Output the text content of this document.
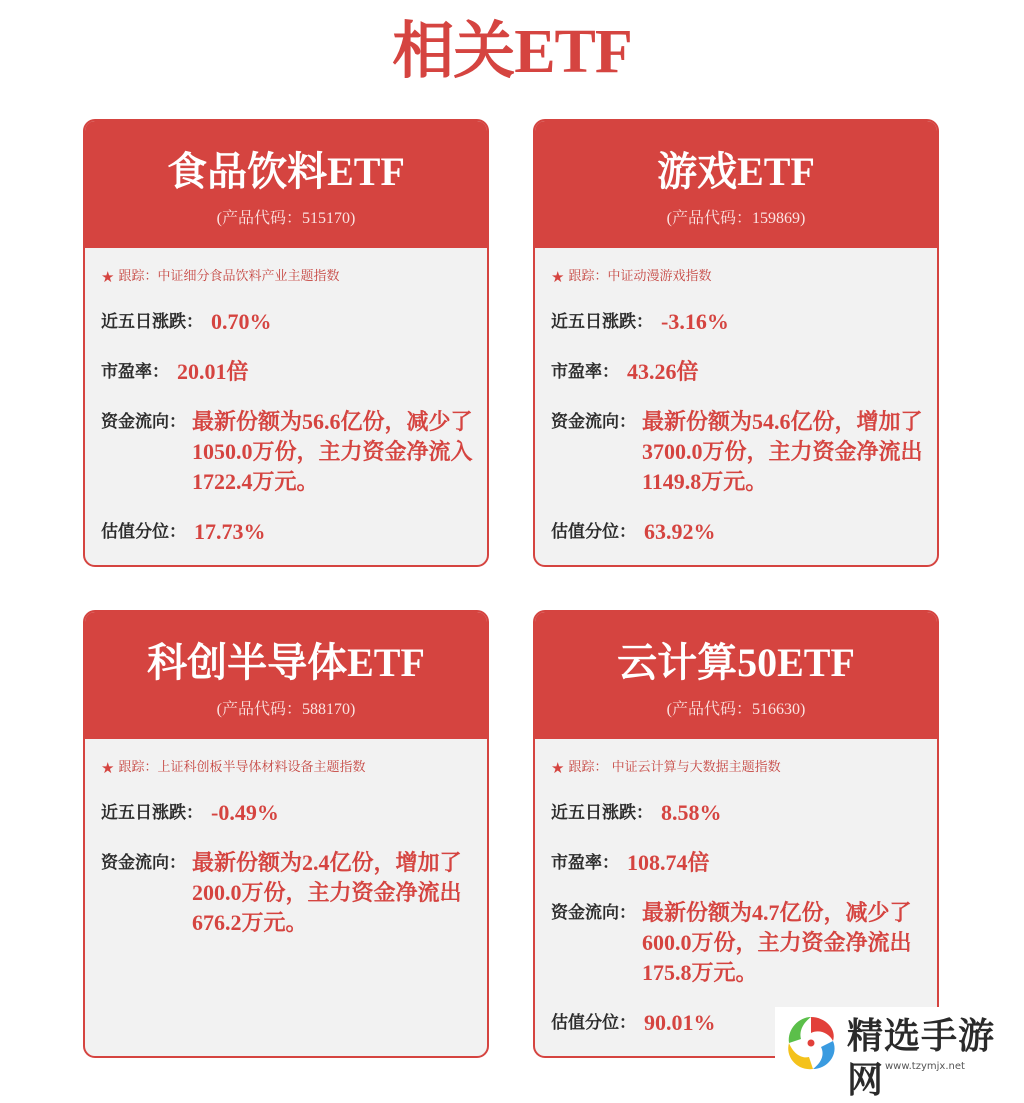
相关ETF
食品饮料ETF
(产品代码：515170)
★ 跟踪：中证细分食品饮料产业主题指数
近五日涨跌： 0.70%
市盈率： 20.01倍
资金流向： 最新份额为56.6亿份，减少了1050.0万份，主力资金净流入1722.4万元。
估值分位： 17.73%
游戏ETF
(产品代码：159869)
★ 跟踪：中证动漫游戏指数
近五日涨跌： -3.16%
市盈率： 43.26倍
资金流向： 最新份额为54.6亿份，增加了3700.0万份，主力资金净流出1149.8万元。
估值分位： 63.92%
科创半导体ETF
(产品代码：588170)
★ 跟踪：上证科创板半导体材料设备主题指数
近五日涨跌： -0.49%
资金流向： 最新份额为2.4亿份，增加了200.0万份，主力资金净流出676.2万元。
云计算50ETF
(产品代码：516630)
★ 跟踪： 中证云计算与大数据主题指数
近五日涨跌： 8.58%
市盈率： 108.74倍
资金流向： 最新份额为4.7亿份，减少了600.0万份，主力资金净流出175.8万元。
估值分位： 90.01%	精选手游网 www.tzymjx.net
